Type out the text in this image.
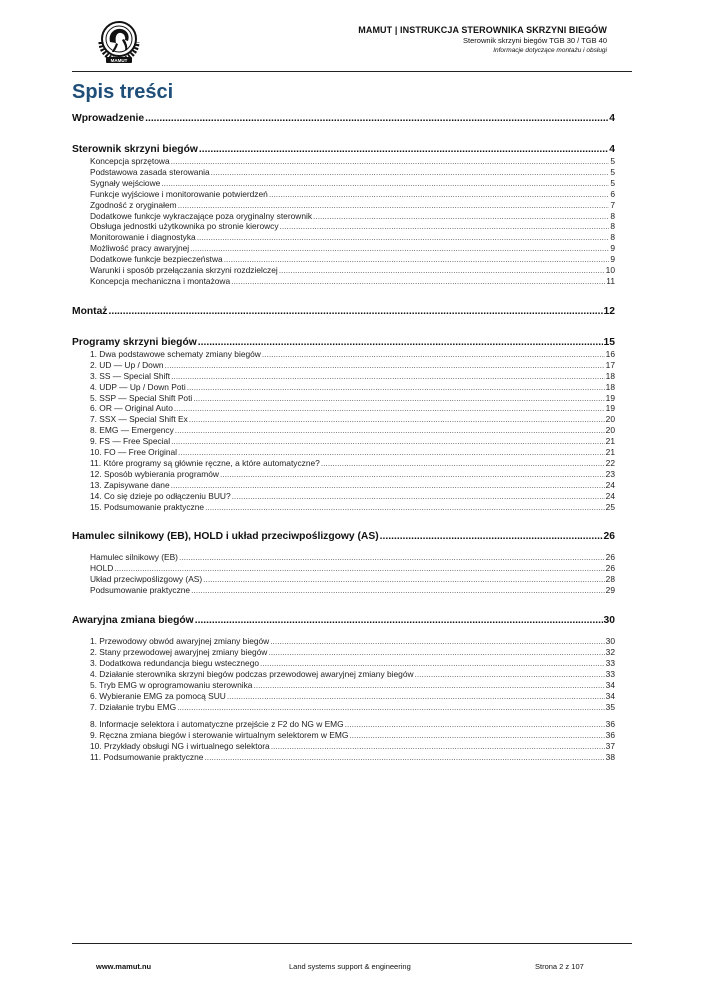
MAMUT
MAMUT | INSTRUKCJA STEROWNIKA SKRZYNI BIEGÓW
Sterownik skrzyni biegów TGB 30 / TGB 40
Informacje dotyczące montażu i obsługi
Spis treści
Wprowadzenie .....	4
Sterownik skrzyni biegów .....	4
Koncepcja sprzętowa .....	5
Podstawowa zasada sterowania .....	5
Sygnały wejściowe .....	5
Funkcje wyjściowe i monitorowanie potwierdzeń .....	6
Zgodność z oryginałem .....	7
Dodatkowe funkcje wykraczające poza oryginalny sterownik .....	8
Obsługa jednostki użytkownika po stronie kierowcy .....	8
Monitorowanie i diagnostyka .....	8
Możliwość pracy awaryjnej .....	9
Dodatkowe funkcje bezpieczeństwa .....	9
Warunki i sposób przełączania skrzyni rozdzielczej .....	10
Koncepcja mechaniczna i montażowa .....	11
Montaż .....	12
Programy skrzyni biegów .....	15
1. Dwa podstawowe schematy zmiany biegów .....	16
2. UD — Up / Down .....	17
3. SS — Special Shift .....	18
4. UDP — Up / Down Poti .....	18
5. SSP — Special Shift Poti .....	19
6. OR — Original Auto .....	19
7. SSX — Special Shift Ex .....	20
8. EMG — Emergency .....	20
9. FS — Free Special .....	21
10. FO — Free Original .....	21
11. Które programy są głównie ręczne, a które automatyczne? .....	22
12. Sposób wybierania programów .....	23
13. Zapisywane dane .....	24
14. Co się dzieje po odłączeniu BUU? .....	24
15. Podsumowanie praktyczne .....	25
Hamulec silnikowy (EB), HOLD i układ przeciwpoślizgowy (AS) .....	26
Hamulec silnikowy (EB) .....	26
HOLD .....	26
Układ przeciwpoślizgowy (AS) .....	28
Podsumowanie praktyczne .....	29
Awaryjna zmiana biegów .....	30
1. Przewodowy obwód awaryjnej zmiany biegów .....	30
2. Stany przewodowej awaryjnej zmiany biegów .....	32
3. Dodatkowa redundancja biegu wstecznego .....	33
4. Działanie sterownika skrzyni biegów podczas przewodowej awaryjnej zmiany biegów .....	33
5. Tryb EMG w oprogramowaniu sterownika .....	34
6. Wybieranie EMG za pomocą SUU .....	34
7. Działanie trybu EMG .....	35
8. Informacje selektora i automatyczne przejście z F2 do NG w EMG .....	36
9. Ręczna zmiana biegów i sterowanie wirtualnym selektorem w EMG .....	36
10. Przykłady obsługi NG i wirtualnego selektora .....	37
11. Podsumowanie praktyczne .....	38
www.mamut.nu	Land systems support & engineering	Strona 2 z 107
